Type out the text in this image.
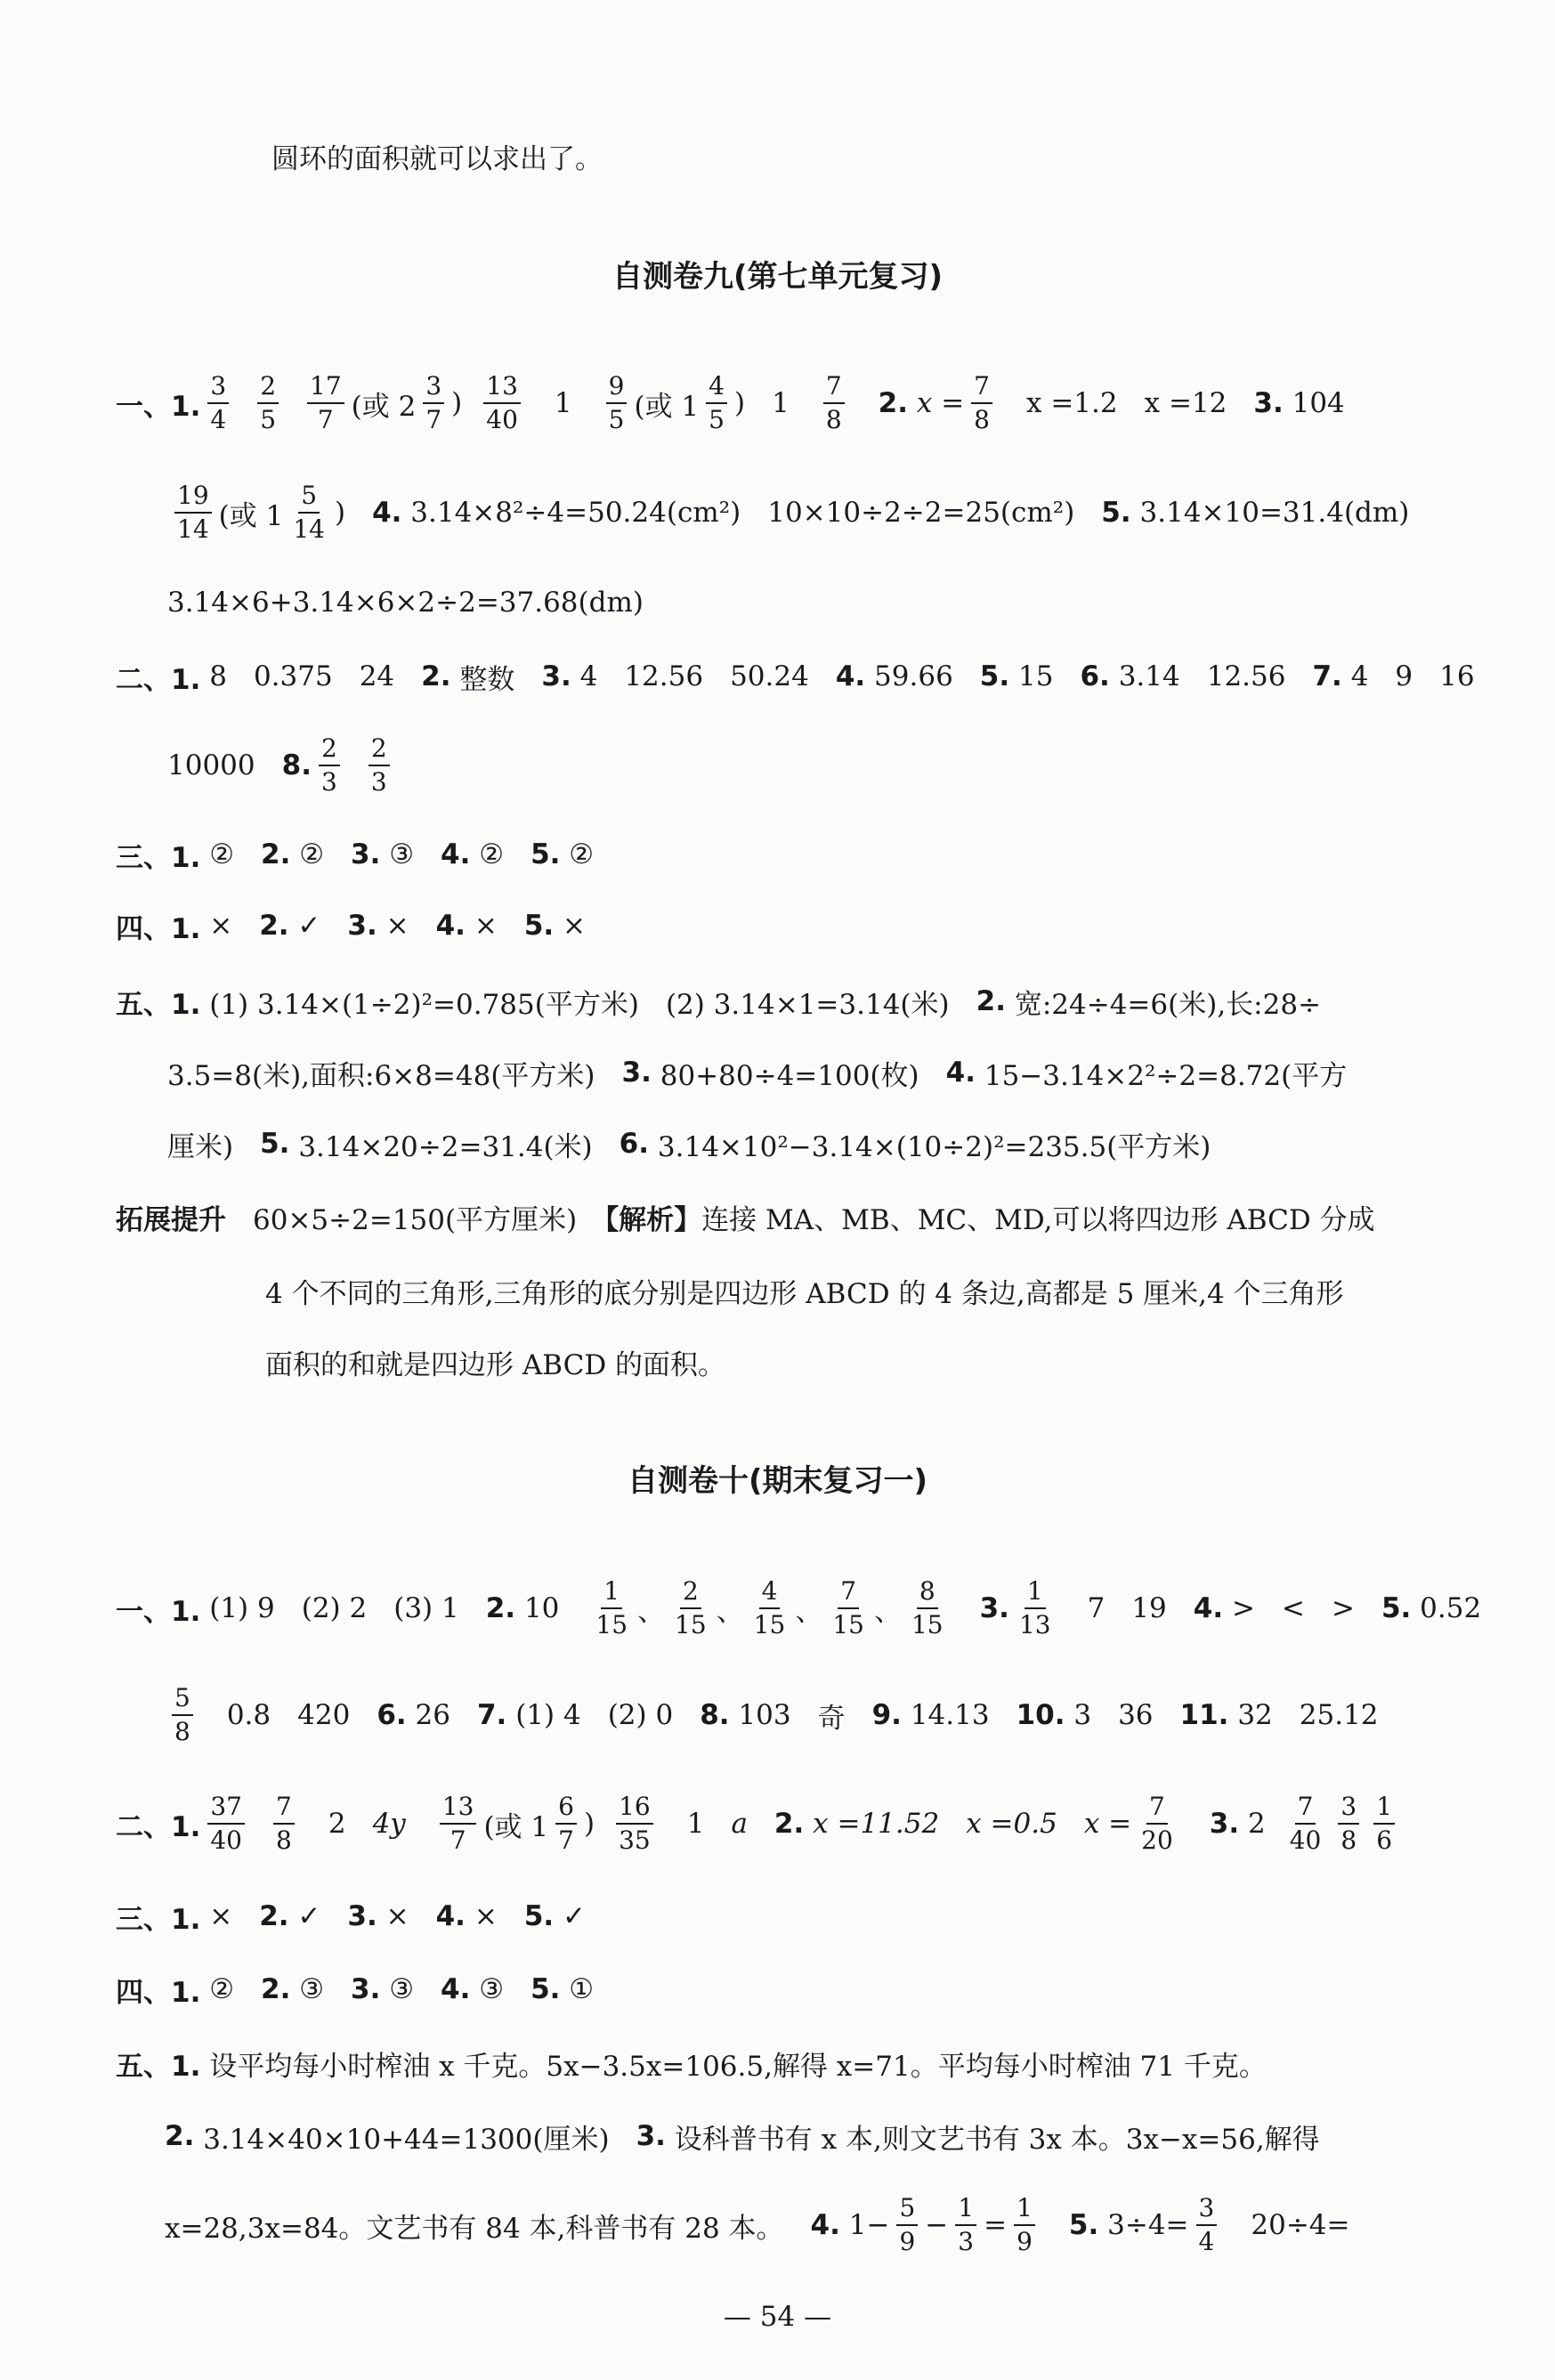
圆环的面积就可以求出了。
自测卷九(第七单元复习)
一、1. $\frac{3}{4} \frac{2}{5} \frac{17}{7}$ (或 $2 \frac{3}{7}$ ) $\frac{13}{40} 1 \frac{9}{5}$ (或 $1 \frac{4}{5}$ ) $1 \frac{7}{8} 2$.
$x = \frac{7}{8}$ x =1.2 x =12 3.
104
$\frac{19}{14}$ (或 $1 \frac{5}{14}$ ) 4.
3.14×8²÷4=50.24(cm²) 10×10÷2÷2=25(cm²) 5.
3.14×10=31.4(dm)
3.14×6+3.14×6×2÷2=37.68(dm)
二、1.
8 0.375 24 2.
整数 3.
4 12.56 50.24 4.
59.66 5.
15 6.
3.14 12.56 7.
4 9 16
10000 8. $\frac{2}{3} \frac{2}{3}$
三、1.
② 2.
② 3.
③ 4.
② 5.
②
四、1.
× 2.
✓ 3.
× 4.
× 5.
×
五、1.
(1) 3.14×(1÷2)²=0.785(平方米) (2) 3.14×1=3.14(米) 2.
宽:24÷4=6(米),长:28÷
3.5=8(米),面积:6×8=48(平方米) 3.
80+80÷4=100(枚) 4.
15−3.14×2²÷2=8.72(平方
厘米) 5.
3.14×20÷2=31.4(米) 6.
3.14×10²−3.14×(10÷2)²=235.5(平方米)
拓展提升 60×5÷2=150(平方厘米) 【解析】 连接 MA、MB、MC、MD,可以将四边形 ABCD 分成
4 个不同的三角形,三角形的底分别是四边形 ABCD 的 4 条边,高都是 5 厘米,4 个三角形
面积的和就是四边形 ABCD 的面积。
自测卷十(期末复习一)
一、1.
(1) 9 (2) 2 (3) 1 2.
$10 \frac{1}{15}$ 、 $\frac{2}{15}$ 、 $\frac{4}{15}$ 、 $\frac{7}{15}$ 、 $\frac{8}{15} 3$. $\frac{1}{13} 7$ 19 4.
> < > 5.
0.52
$\frac{5}{8} 0.8$ 420 6.
26 7.
(1) 4 (2) 0 8.
103 奇 9.
14.13 10.
3 36 11.
32 25.12
二、1. $\frac{37}{40} \frac{7}{8} 2$ $4y \frac{13}{7}$ (或 $1 \frac{6}{7}$ ) $\frac{16}{35} 1$ a 2.
x =11.52 x =0.5 $x = \frac{7}{20} 3$.
$2 \frac{7}{40} \frac{3}{8} \frac{1}{6}$
三、1.
× 2.
✓ 3.
× 4.
× 5.
✓
四、1.
② 2.
③ 3.
③ 4.
③ 5.
①
五、1.
设平均每小时榨油 x 千克。5x−3.5x=106.5,解得 x=71。平均每小时榨油 71 千克。
2.
3.14×40×10+44=1300(厘米) 3.
设科普书有 x 本,则文艺书有 3x 本。3x−x=56,解得
x=28,3x=84。文艺书有 84 本,科普书有 28 本。 4.
$1- \frac{5}{9} - \frac{1}{3} = \frac{1}{9} 5$.
$3\div 4= \frac{3}{4} 20\div 4=$
— 54 —
